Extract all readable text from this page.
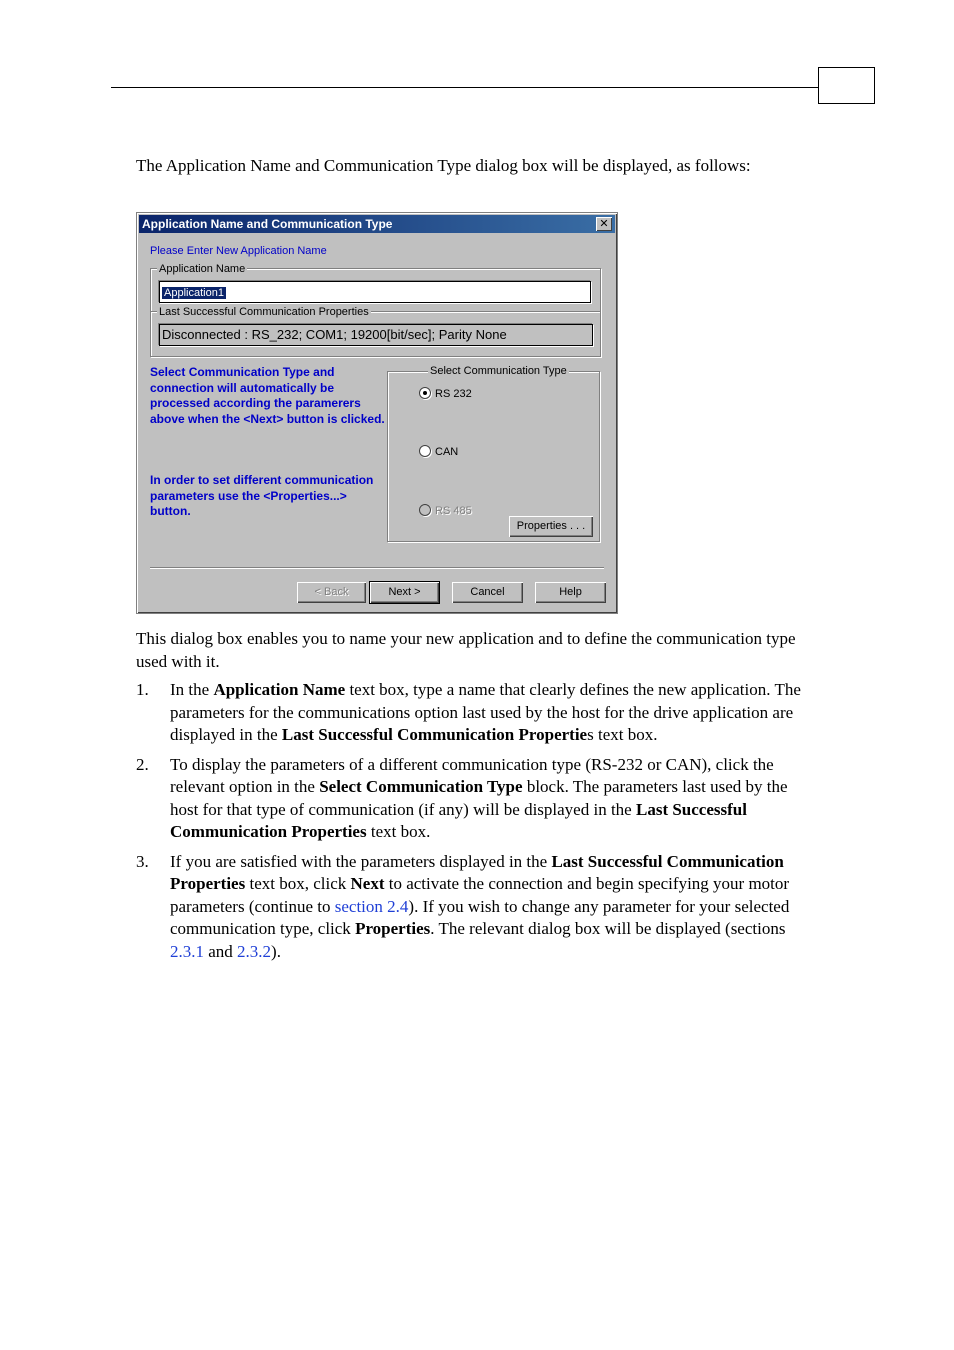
The Application Name and Communication Type dialog box will be displayed, as follows:

Application Name and Communication Type	✕
Please Enter New Application Name
Application Name
Application1
Last Successful Communication Properties
Disconnected : RS_232; COM1; 19200[bit/sec]; Parity None

Select Communication Type and connection will automatically be processed according the paramerers above when the <Next> button is clicked.

In order to set different communication parameters use the <Properties...> button.

RS 232
CAN
RS 485
Properties . . .
Select Communication Type
< Back	Next >	Cancel	Help

This dialog box enables you to name your new application and to define the communication type used with it.

1. In the Application Name text box, type a name that clearly defines the new application. The parameters for the communications option last used by the host for the drive application are displayed in the Last Successful Communication Properties text box.
2. To display the parameters of a different communication type (RS-232 or CAN), click the relevant option in the Select Communication Type block. The parameters last used by the host for that type of communication (if any) will be displayed in the Last Successful Communication Properties text box.
3. If you are satisfied with the parameters displayed in the Last Successful Communication Properties text box, click Next to activate the connection and begin specifying your motor parameters (continue to section 2.4). If you wish to change any parameter for your selected communication type, click Properties. The relevant dialog box will be displayed (sections 2.3.1 and 2.3.2).
